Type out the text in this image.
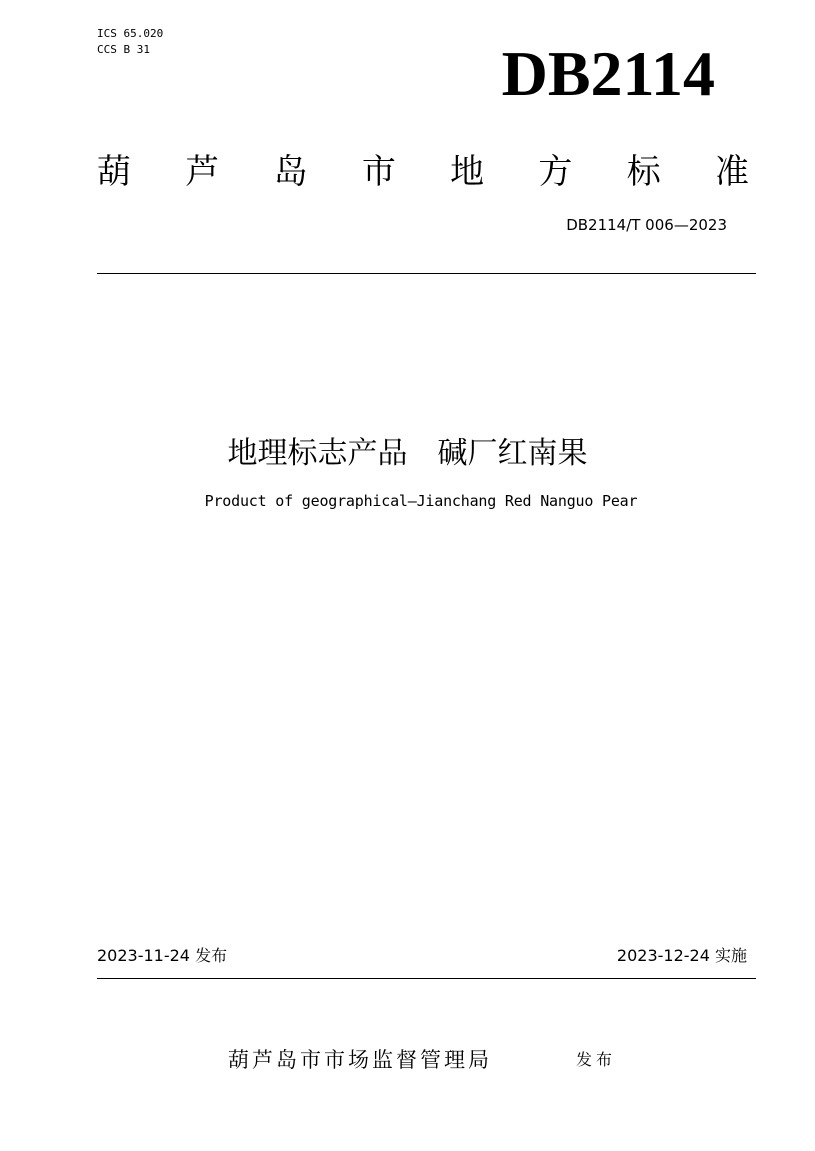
ICS 65.020
CCS B 31	DB2114
葫 芦 岛 市 地 方 标 准
DB2114/T 006—2023
地理标志产品　碱厂红南果
Product of geographical—Jianchang Red Nanguo Pear
2023-11-24 发布	2023-12-24 实施
葫芦岛市市场监督管理局	发布
